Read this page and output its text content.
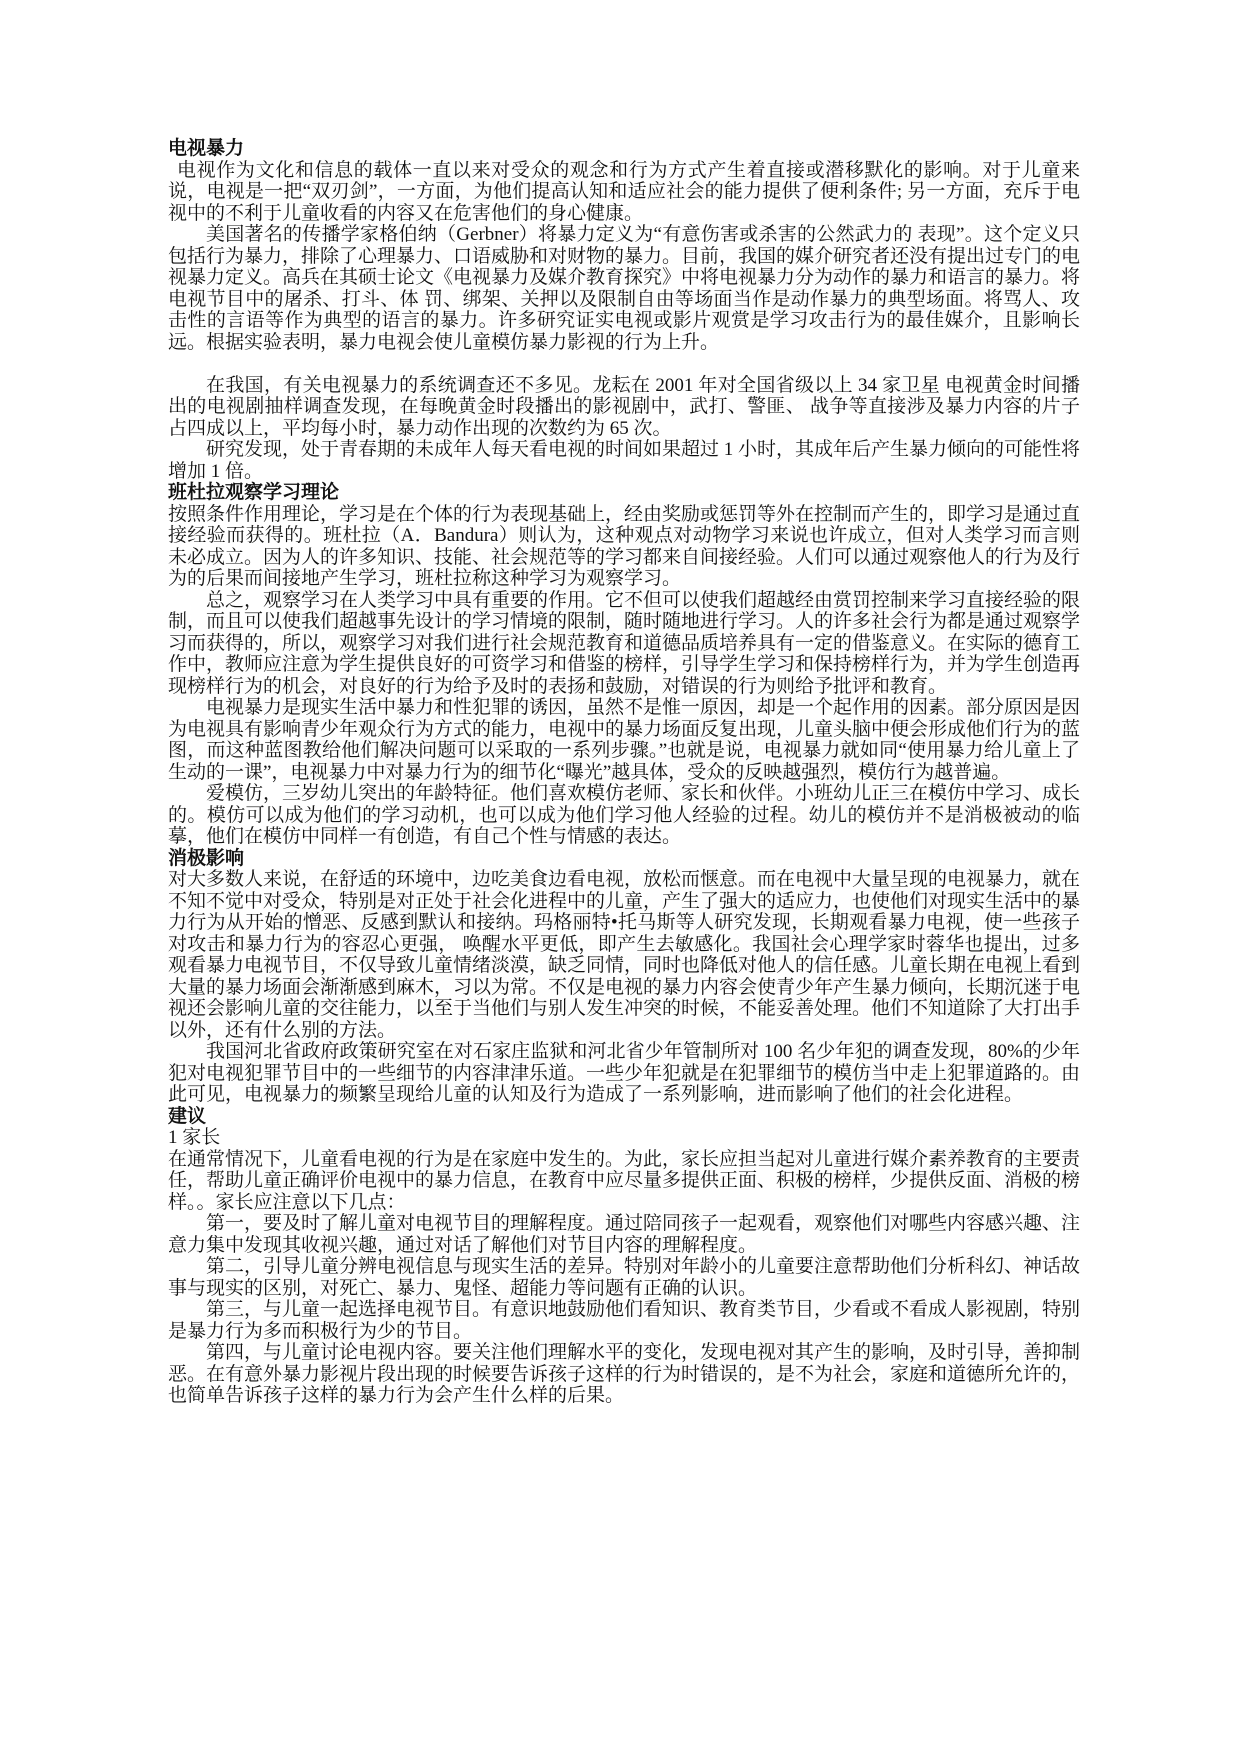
电视暴力
电视作为文化和信息的载体一直以来对受众的观念和行为方式产生着直接或潜移默化的影响。对于儿童来说，电视是一把“双刃剑”，一方面，为他们提高认知和适应社会的能力提供了便利条件; 另一方面，充斥于电视中的不利于儿童收看的内容又在危害他们的身心健康。
美国著名的传播学家格伯纳（Gerbner）将暴力定义为“有意伤害或杀害的公然武力的 表现”。这个定义只包括行为暴力，排除了心理暴力、口语威胁和对财物的暴力。目前，我国的媒介研究者还没有提出过专门的电视暴力定义。高兵在其硕士论文《电视暴力及媒介教育探究》中将电视暴力分为动作的暴力和语言的暴力。将电视节目中的屠杀、打斗、体 罚、绑架、关押以及限制自由等场面当作是动作暴力的典型场面。将骂人、攻击性的言语等作为典型的语言的暴力。许多研究证实电视或影片观赏是学习攻击行为的最佳媒介，且影响长远。根据实验表明，暴力电视会使儿童模仿暴力影视的行为上升。
在我国，有关电视暴力的系统调查还不多见。龙耘在 2001 年对全国省级以上 34 家卫星 电视黄金时间播出的电视剧抽样调查发现，在每晚黄金时段播出的影视剧中，武打、警匪、 战争等直接涉及暴力内容的片子占四成以上，平均每小时，暴力动作出现的次数约为 65 次。
研究发现，处于青春期的未成年人每天看电视的时间如果超过 1 小时，其成年后产生暴力倾向的可能性将增加 1 倍。
班杜拉观察学习理论
按照条件作用理论，学习是在个体的行为表现基础上，经由奖励或惩罚等外在控制而产生的，即学习是通过直接经验而获得的。班杜拉（A．Bandura）则认为，这种观点对动物学习来说也许成立，但对人类学习而言则未必成立。因为人的许多知识、技能、社会规范等的学习都来自间接经验。人们可以通过观察他人的行为及行为的后果而间接地产生学习，班杜拉称这种学习为观察学习。
总之，观察学习在人类学习中具有重要的作用。它不但可以使我们超越经由赏罚控制来学习直接经验的限制，而且可以使我们超越事先设计的学习情境的限制，随时随地进行学习。人的许多社会行为都是通过观察学习而获得的，所以，观察学习对我们进行社会规范教育和道德品质培养具有一定的借鉴意义。在实际的德育工作中，教师应注意为学生提供良好的可资学习和借鉴的榜样，引导学生学习和保持榜样行为，并为学生创造再现榜样行为的机会，对良好的行为给予及时的表扬和鼓励，对错误的行为则给予批评和教育。
电视暴力是现实生活中暴力和性犯罪的诱因，虽然不是惟一原因，却是一个起作用的因素。部分原因是因为电视具有影响青少年观众行为方式的能力，电视中的暴力场面反复出现，儿童头脑中便会形成他们行为的蓝图，而这种蓝图教给他们解决问题可以采取的一系列步骤。”也就是说，电视暴力就如同“使用暴力给儿童上了生动的一课”，电视暴力中对暴力行为的细节化“曝光”越具体，受众的反映越强烈，模仿行为越普遍。
爱模仿，三岁幼儿突出的年龄特征。他们喜欢模仿老师、家长和伙伴。小班幼儿正三在模仿中学习、成长的。模仿可以成为他们的学习动机，也可以成为他们学习他人经验的过程。幼儿的模仿并不是消极被动的临摹，他们在模仿中同样一有创造，有自己个性与情感的表达。
消极影响
对大多数人来说，在舒适的环境中，边吃美食边看电视，放松而惬意。而在电视中大量呈现的电视暴力，就在不知不觉中对受众，特别是对正处于社会化进程中的儿童，产生了强大的适应力，也使他们对现实生活中的暴力行为从开始的憎恶、反感到默认和接纳。玛格丽特•托马斯等人研究发现，长期观看暴力电视，使一些孩子对攻击和暴力行为的容忍心更强， 唤醒水平更低，即产生去敏感化。我国社会心理学家时蓉华也提出，过多观看暴力电视节目，不仅导致儿童情绪淡漠，缺乏同情，同时也降低对他人的信任感。儿童长期在电视上看到大量的暴力场面会渐渐感到麻木，习以为常。不仅是电视的暴力内容会使青少年产生暴力倾向，长期沉迷于电视还会影响儿童的交往能力，以至于当他们与别人发生冲突的时候，不能妥善处理。他们不知道除了大打出手以外，还有什么别的方法。
我国河北省政府政策研究室在对石家庄监狱和河北省少年管制所对 100 名少年犯的调查发现，80%的少年犯对电视犯罪节目中的一些细节的内容津津乐道。一些少年犯就是在犯罪细节的模仿当中走上犯罪道路的。由此可见，电视暴力的频繁呈现给儿童的认知及行为造成了一系列影响，进而影响了他们的社会化进程。
建议
1 家长
在通常情况下，儿童看电视的行为是在家庭中发生的。为此，家长应担当起对儿童进行媒介素养教育的主要责任，帮助儿童正确评价电视中的暴力信息，在教育中应尽量多提供正面、积极的榜样，少提供反面、消极的榜样。。家长应注意以下几点：
第一，要及时了解儿童对电视节目的理解程度。通过陪同孩子一起观看，观察他们对哪些内容感兴趣、注 意力集中发现其收视兴趣，通过对话了解他们对节目内容的理解程度。
第二，引导儿童分辨电视信息与现实生活的差异。特别对年龄小的儿童要注意帮助他们分析科幻、神话故事与现实的区别，对死亡、暴力、鬼怪、超能力等问题有正确的认识。
第三，与儿童一起选择电视节目。有意识地鼓励他们看知识、教育类节目，少看或不看成人影视剧，特别是暴力行为多而积极行为少的节目。
第四，与儿童讨论电视内容。要关注他们理解水平的变化，发现电视对其产生的影响，及时引导，善抑制恶。在有意外暴力影视片段出现的时候要告诉孩子这样的行为时错误的，是不为社会，家庭和道德所允许的，也简单告诉孩子这样的暴力行为会产生什么样的后果。
